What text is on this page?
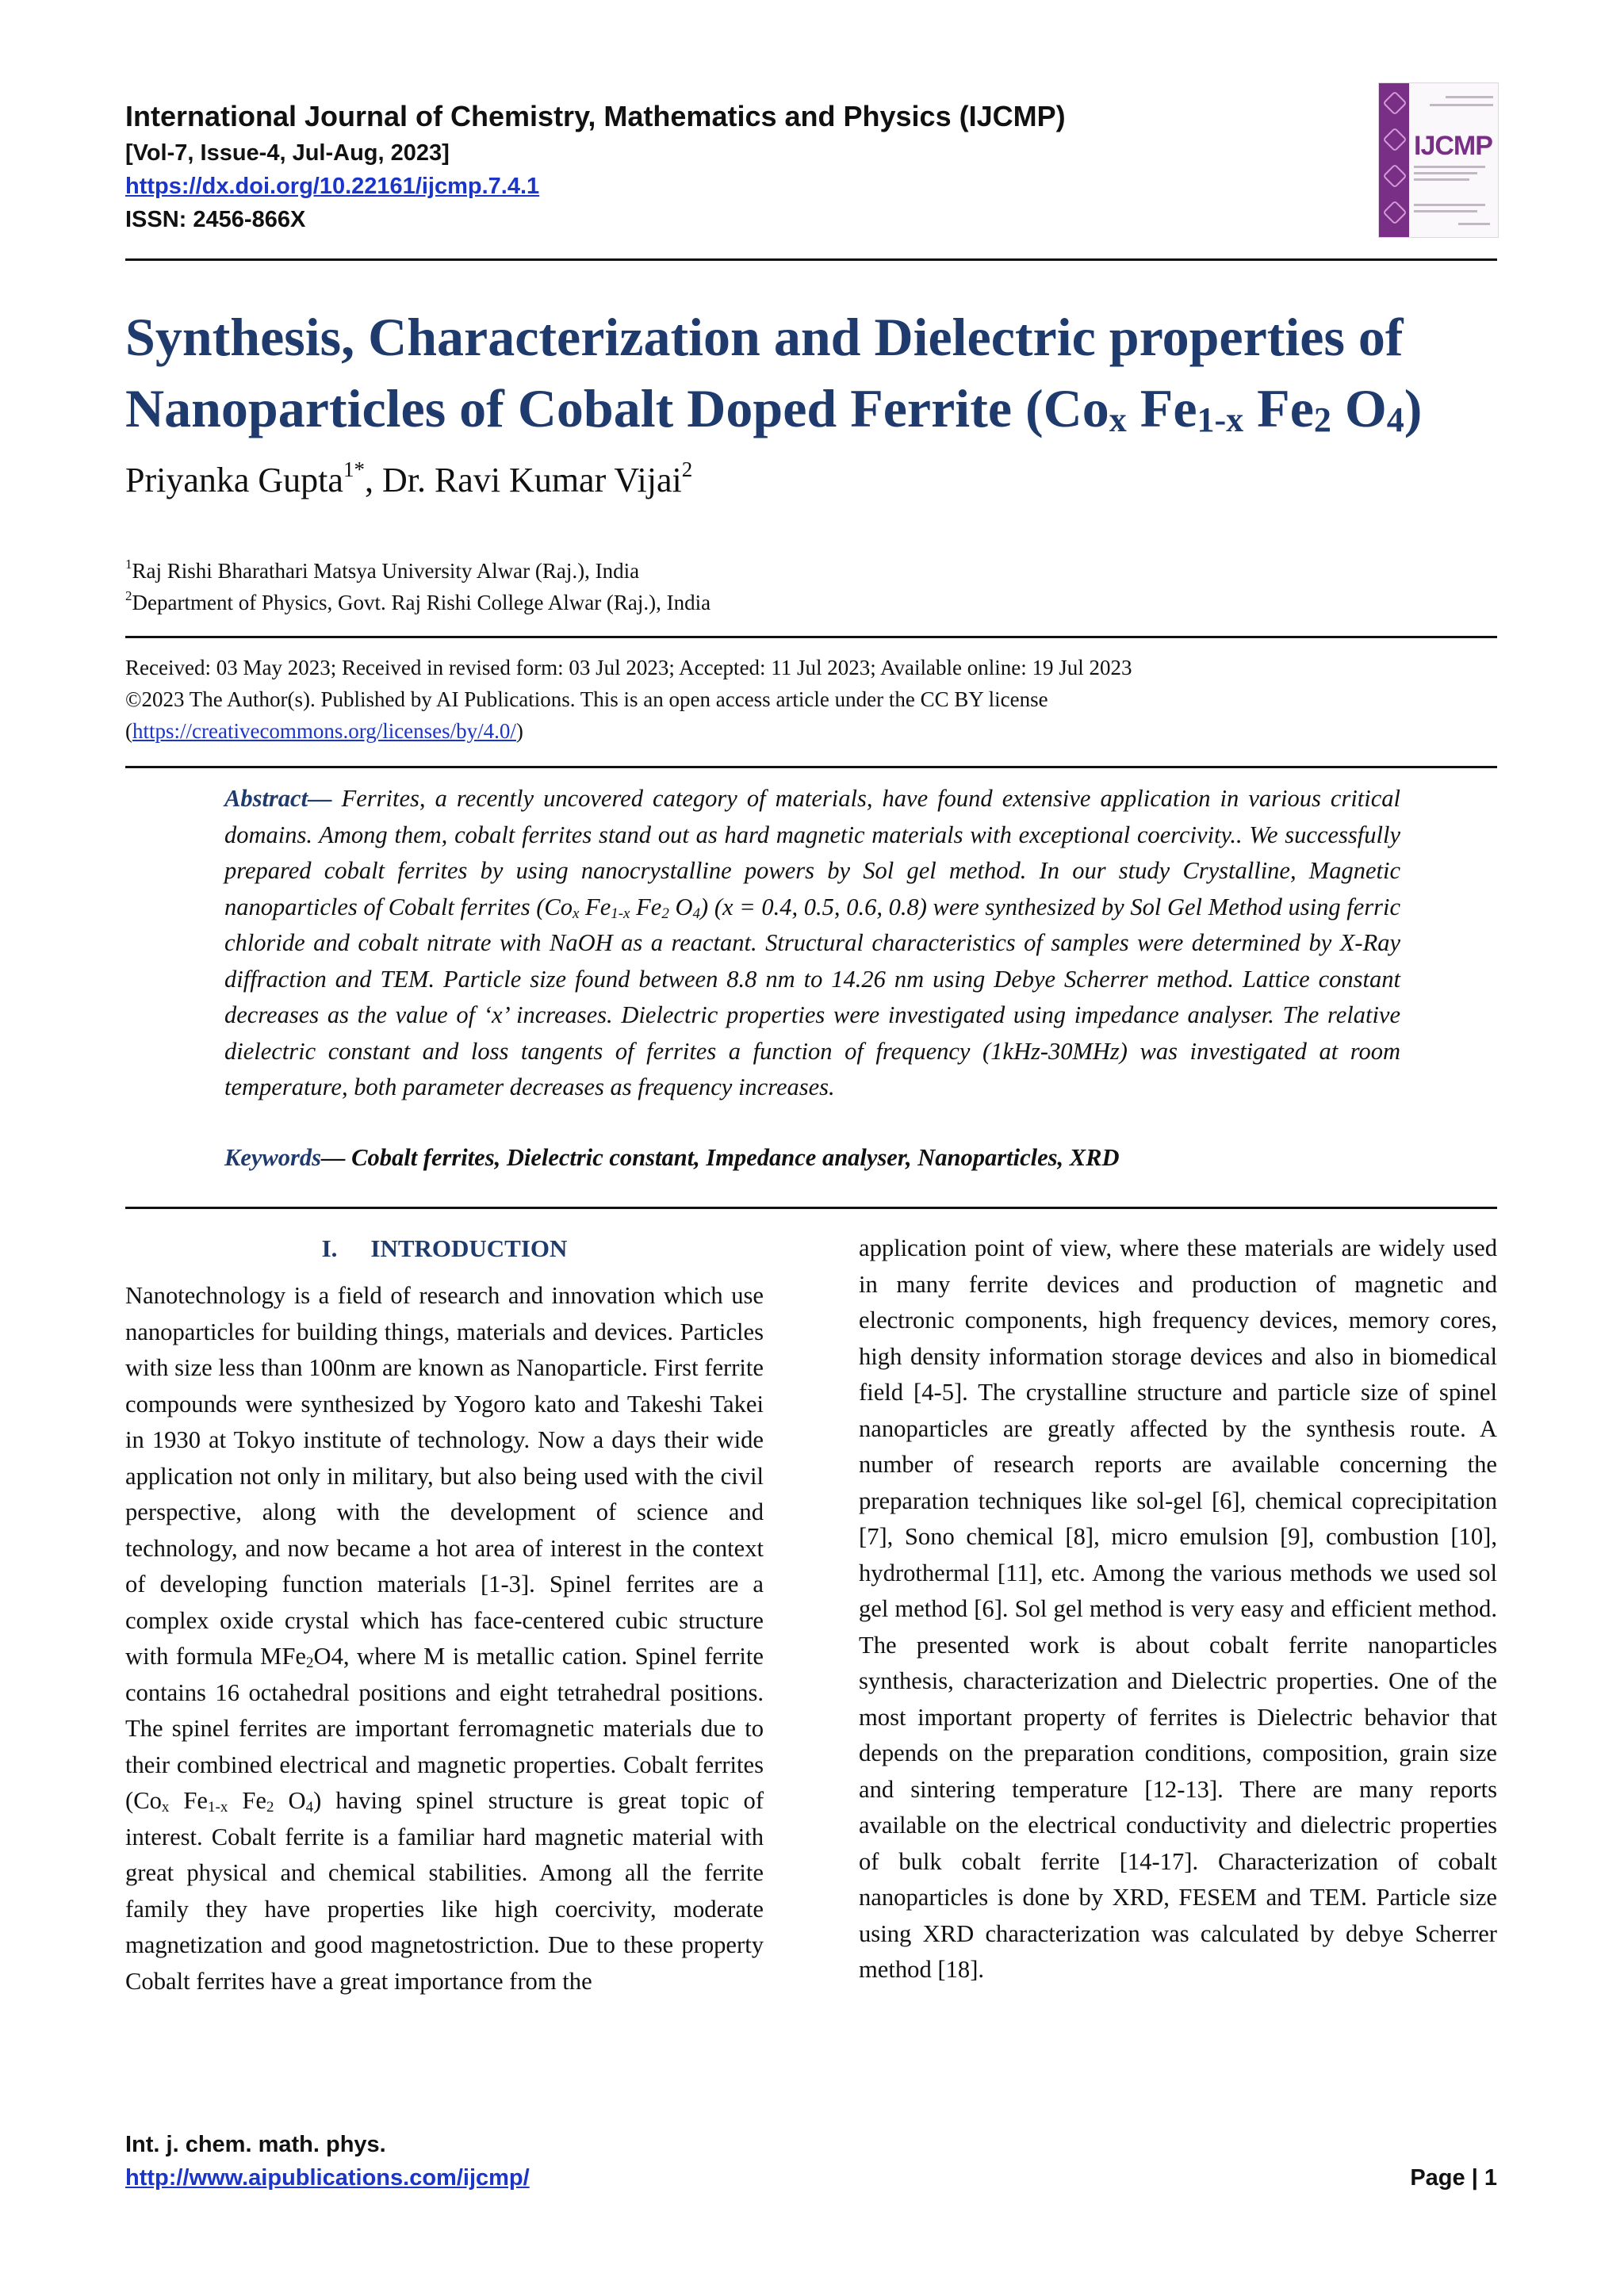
International Journal of Chemistry, Mathematics and Physics (IJCMP)
[Vol-7, Issue-4, Jul-Aug, 2023]
https://dx.doi.org/10.22161/ijcmp.7.4.1
ISSN: 2456-866X
IJCMP
Synthesis, Characterization and Dielectric properties of
Nanoparticles of Cobalt Doped Ferrite ($Co_x$ $Fe_{1-x}$ $Fe_2$ $O_4$)
Priyanka Gupta$^{1*}$, Dr. Ravi Kumar Vijai$^2$
$^1$Raj Rishi Bharathari Matsya University Alwar (Raj.), India
$^2$Department of Physics, Govt. Raj Rishi College Alwar (Raj.), India
Received: 03 May 2023; Received in revised form: 03 Jul 2023; Accepted: 11 Jul 2023; Available online: 19 Jul 2023
©2023 The Author(s). Published by AI Publications. This is an open access article under the CC BY license
(https://creativecommons.org/licenses/by/4.0/)

Abstract— Ferrites, a recently uncovered category of materials, have found extensive application in various critical domains. Among them, cobalt ferrites stand out as hard magnetic materials with exceptional coercivity.. We successfully prepared cobalt ferrites by using nanocrystalline powers by Sol gel method. In our study Crystalline, Magnetic nanoparticles of Cobalt ferrites ($Co_x$ $Fe_{1-x}$ $Fe_2$ $O_4$) (x = 0.4, 0.5, 0.6, 0.8) were synthesized by Sol Gel Method using ferric chloride and cobalt nitrate with NaOH as a reactant. Structural characteristics of samples were determined by X-Ray diffraction and TEM. Particle size found between 8.8 nm to 14.26 nm using Debye Scherrer method. Lattice constant decreases as the value of ‘x’ increases. Dielectric properties were investigated using impedance analyser. The relative dielectric constant and loss tangents of ferrites a function of frequency (1kHz-30MHz) was investigated at room temperature, both parameter decreases as frequency increases.

Keywords— Cobalt ferrites, Dielectric constant, Impedance analyser, Nanoparticles, XRD
I. INTRODUCTION

Nanotechnology is a field of research and innovation which use nanoparticles for building things, materials and devices. Particles with size less than 100nm are known as Nanoparticle. First ferrite compounds were synthesized by Yogoro kato and Takeshi Takei in 1930 at Tokyo institute of technology. Now a days their wide application not only in military, but also being used with the civil perspective, along with the development of science and technology, and now became a hot area of interest in the context of developing function materials [1-3]. Spinel ferrites are a complex oxide crystal which has face-centered cubic structure with formula MFe$_2$O4, where M is metallic cation. Spinel ferrite contains 16 octahedral positions and eight tetrahedral positions. The spinel ferrites are important ferromagnetic materials due to their combined electrical and magnetic properties. Cobalt ferrites ($Co_x$ $Fe_{1-x}$ $Fe_2$ $O_4$) having spinel structure is great topic of interest. Cobalt ferrite is a familiar hard magnetic material with great physical and chemical stabilities. Among all the ferrite family they have properties like high coercivity, moderate magnetization and good magnetostriction. Due to these property Cobalt ferrites have a great importance from the

application point of view, where these materials are widely used in many ferrite devices and production of magnetic and electronic components, high frequency devices, memory cores, high density information storage devices and also in biomedical field [4-5]. The crystalline structure and particle size of spinel nanoparticles are greatly affected by the synthesis route. A number of research reports are available concerning the preparation techniques like sol-gel [6], chemical coprecipitation [7], Sono chemical [8], micro emulsion [9], combustion [10], hydrothermal [11], etc. Among the various methods we used sol gel method [6]. Sol gel method is very easy and efficient method. The presented work is about cobalt ferrite nanoparticles synthesis, characterization and Dielectric properties. One of the most important property of ferrites is Dielectric behavior that depends on the preparation conditions, composition, grain size and sintering temperature [12-13]. There are many reports available on the electrical conductivity and dielectric properties of bulk cobalt ferrite [14-17]. Characterization of cobalt nanoparticles is done by XRD, FESEM and TEM. Particle size using XRD characterization was calculated by debye Scherrer method [18].

Int. j. chem. math. phys.
http://www.aipublications.com/ijcmp/	Page | 1
